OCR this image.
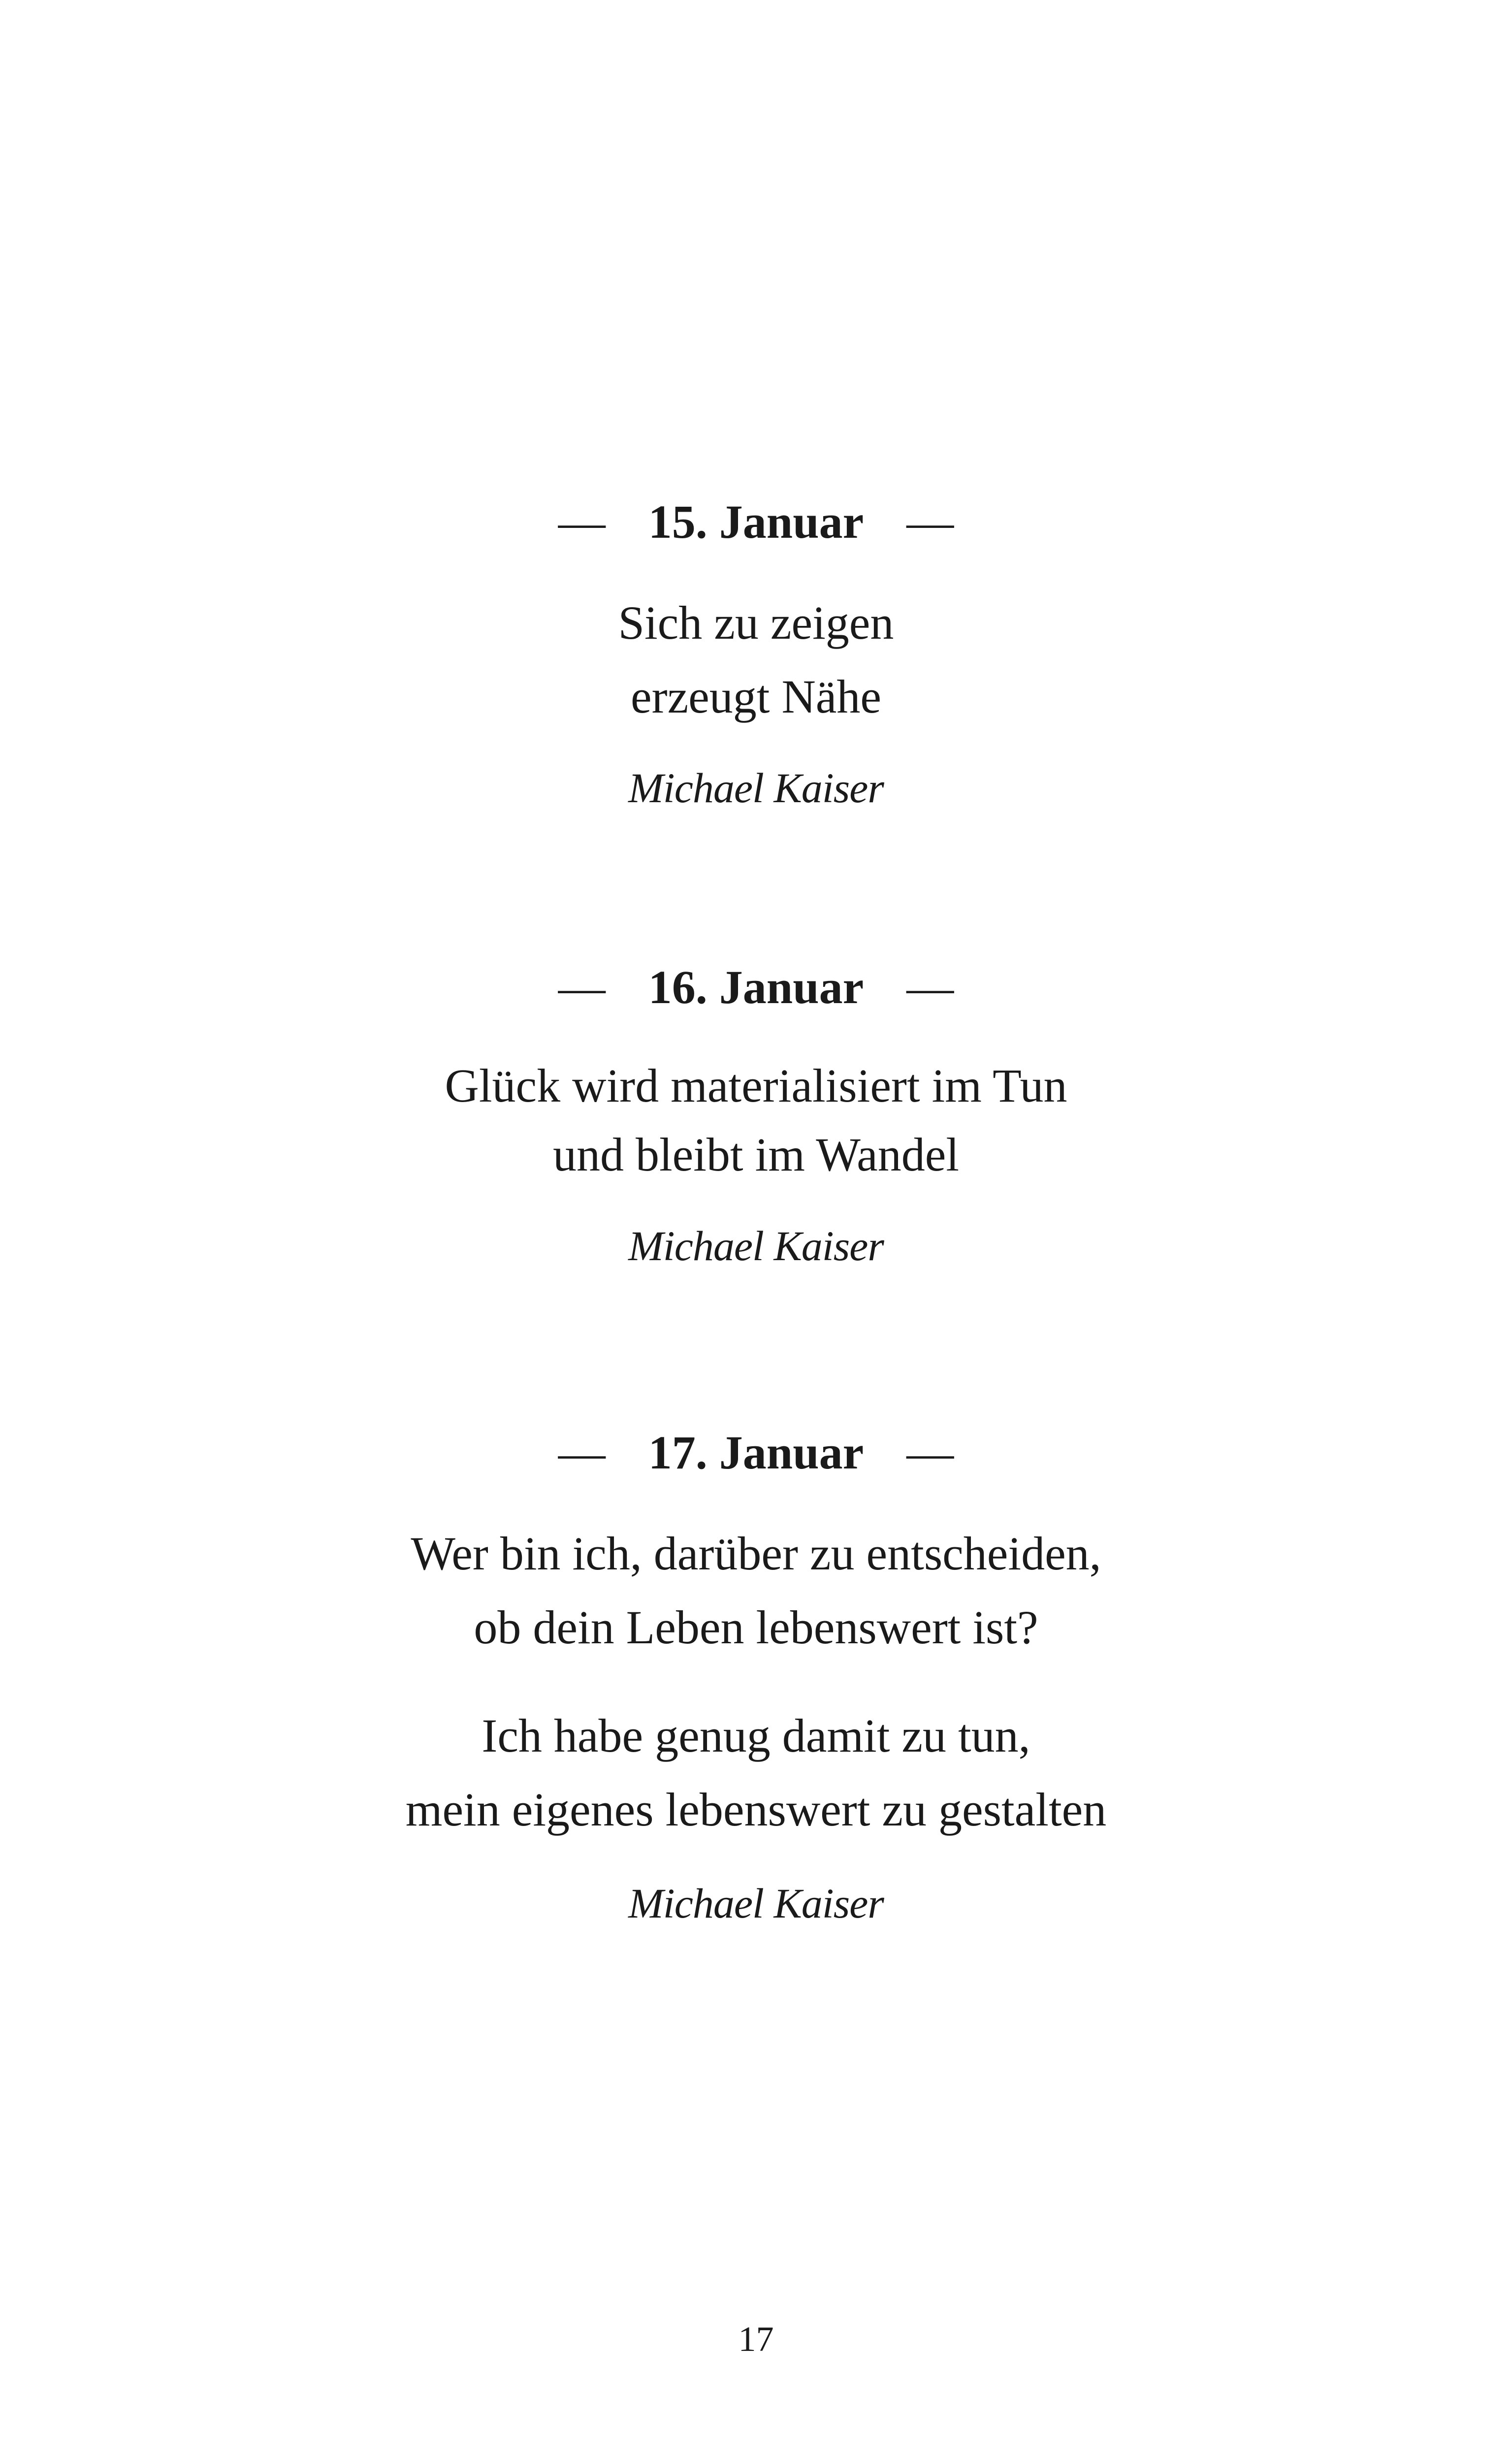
— 15. Januar —

Sich zu zeigen
erzeugt Nähe

Michael Kaiser
— 16. Januar —

Glück wird materialisiert im Tun
und bleibt im Wandel

Michael Kaiser
— 17. Januar —

Wer bin ich, darüber zu entscheiden,
ob dein Leben lebenswert ist?

Ich habe genug damit zu tun,
mein eigenes lebenswert zu gestalten

Michael Kaiser
17
